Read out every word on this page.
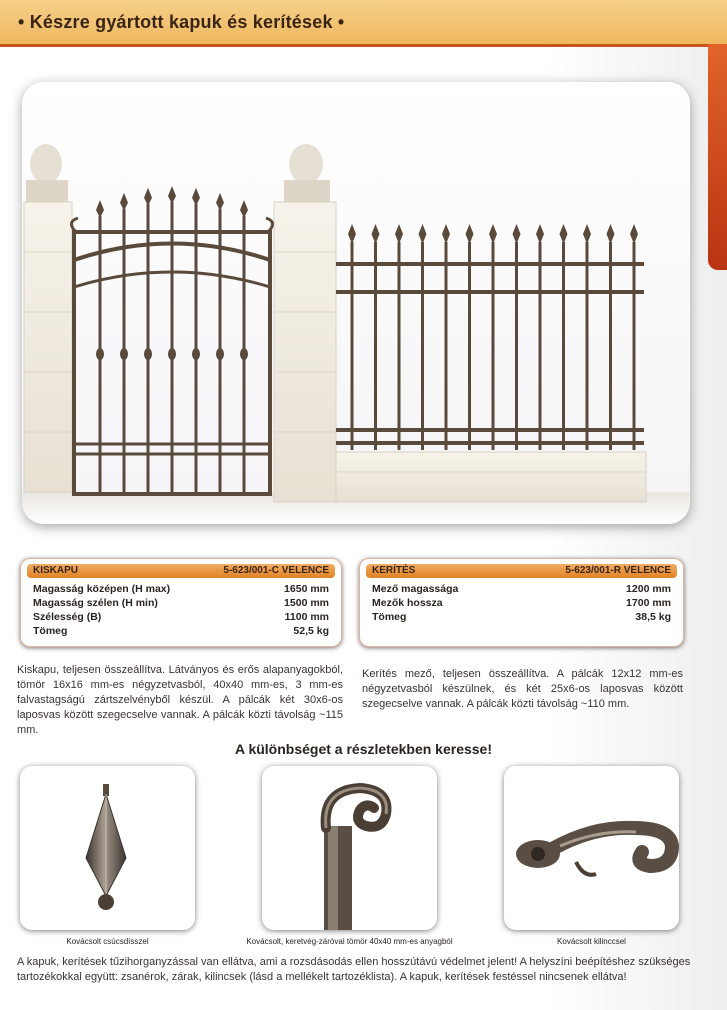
• Készre gyártott kapuk és kerítések •
KISKAPU	5-623/001-C VELENCE
Magasság középen (H max)	1650 mm
Magasság szélen (H min)	1500 mm
Szélesség (B)	1100 mm
Tömeg	52,5 kg
KERÍTÉS	5-623/001-R VELENCE
Mező magassága	1200 mm
Mezők hossza	1700 mm
Tömeg	38,5 kg
Kiskapu, teljesen összeállítva. Látványos és erős alapanyagokból, tömör 16x16 mm-es négyzetvasból, 40x40 mm-es, 3 mm-es falvastagságú zártszelvényből készül. A pálcák két 30x6-os laposvas között szegecselve vannak. A pálcák közti távolság ~115 mm.
Kerítés mező, teljesen összeállítva. A pálcák 12x12 mm-es négyzetvasból készülnek, és két 25x6-os laposvas között szegecselve vannak. A pálcák közti távolság ~110 mm.
A különbséget a részletekben keresse!
Kovácsolt csúcsdísszel	Kovácsolt, keretvég-záróval tömör 40x40 mm-es anyagból	Kovácsolt kilinccsel
A kapuk, kerítések tűzihorganyzással van ellátva, ami a rozsdásodás ellen hosszútávú védelmet jelent! A helyszíni beépítéshez szükséges tartozékokkal együtt: zsanérok, zárak, kilincsek (lásd a mellékelt tartozéklista). A kapuk, kerítések festéssel nincsenek ellátva!
